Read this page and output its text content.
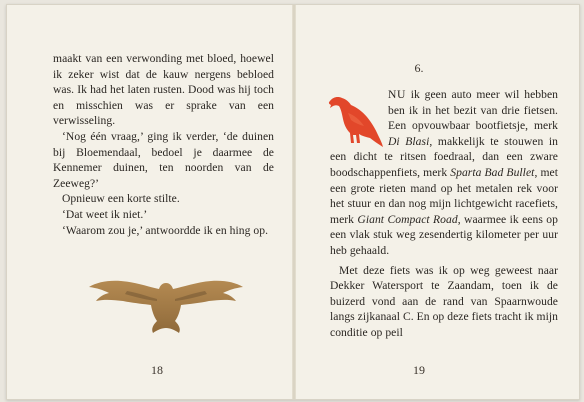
maakt van een verwonding met bloed, hoewel ik zeker wist dat de kauw nergens bebloed was. Ik had het laten rusten. Dood was hij toch en misschien was er sprake van een verwisseling.

‘Nog één vraag,’ ging ik verder, ‘de duinen bij Bloemendaal, bedoel je daarmee de Kennemer duinen, ten noorden van de Zeeweg?’

Opnieuw een korte stilte.

‘Dat weet ik niet.’

‘Waarom zou je,’ antwoordde ik en hing op.

18
6.

NU ik geen auto meer wil hebben ben ik in het bezit van drie fietsen. Een opvouwbaar bootfietsje, merk Di Blasi, makkelijk te stouwen in een dicht te ritsen foedraal, dan een zware boodschappenfiets, merk Sparta Bad Bullet, met een grote rieten mand op het metalen rek voor het stuur en dan nog mijn lichtgewicht racefiets, merk Giant Compact Road, waarmee ik eens op een vlak stuk weg zesendertig kilometer per uur heb gehaald.

Met deze fiets was ik op weg geweest naar Dekker Watersport te Zaandam, toen ik de buizerd vond aan de rand van Spaarnwoude langs zijkanaal C. En op deze fiets tracht ik mijn conditie op peil

19
